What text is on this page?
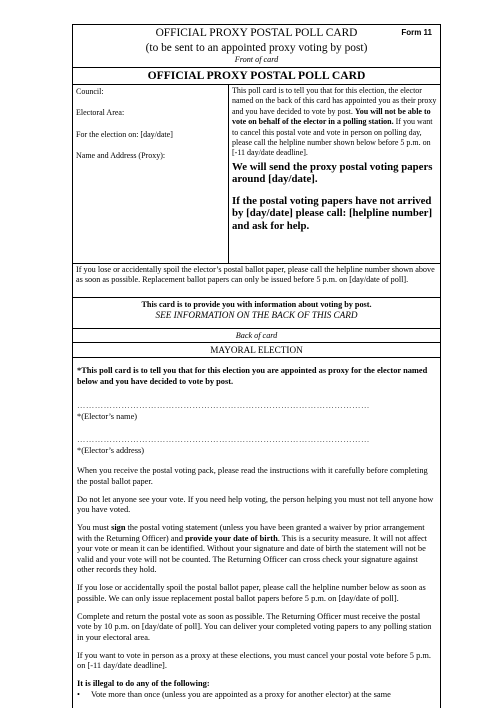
OFFICIAL PROXY POSTAL POLL CARD	Form 11
(to be sent to an appointed proxy voting by post)
Front of card
OFFICIAL PROXY POSTAL POLL CARD
Council:
Electoral Area:
For the election on: [day/date]
Name and Address (Proxy):
This poll card is to tell you that for this election, the elector named on the back of this card has appointed you as their proxy and you have decided to vote by post. You will not be able to vote on behalf of the elector in a polling station. If you want to cancel this postal vote and vote in person on polling day, please call the helpline number shown below before 5 p.m. on [-11 day/date deadline].
We will send the proxy postal voting papers around [day/date].
If the postal voting papers have not arrived by [day/date] please call: [helpline number] and ask for help.
If you lose or accidentally spoil the elector’s postal ballot paper, please call the helpline number shown above as soon as possible. Replacement ballot papers can only be issued before 5 p.m. on [day/date of poll].
This card is to provide you with information about voting by post.
SEE INFORMATION ON THE BACK OF THIS CARD
Back of card
MAYORAL ELECTION

*This poll card is to tell you that for this election you are appointed as proxy for the elector named below and you have decided to vote by post.

………………………………………………………………………………………

*(Elector’s name)

………………………………………………………………………………………

*(Elector’s address)

When you receive the postal voting pack, please read the instructions with it carefully before completing the postal ballot paper.

Do not let anyone see your vote. If you need help voting, the person helping you must not tell anyone how you have voted.

You must sign the postal voting statement (unless you have been granted a waiver by prior arrangement with the Returning Officer) and provide your date of birth. This is a security measure. It will not affect your vote or mean it can be identified. Without your signature and date of birth the statement will not be valid and your vote will not be counted. The Returning Officer can cross check your signature against other records they hold.

If you lose or accidentally spoil the postal ballot paper, please call the helpline number below as soon as possible. We can only issue replacement postal ballot papers before 5 p.m. on [day/date of poll].

Complete and return the postal vote as soon as possible. The Returning Officer must receive the postal vote by 10 p.m. on [day/date of poll]. You can deliver your completed voting papers to any polling station in your electoral area.

If you want to vote in person as a proxy at these elections, you must cancel your postal vote before 5 p.m. on [-11 day/date deadline].

It is illegal to do any of the following:
•	Vote more than once (unless you are appointed as a proxy for another elector) at the same
